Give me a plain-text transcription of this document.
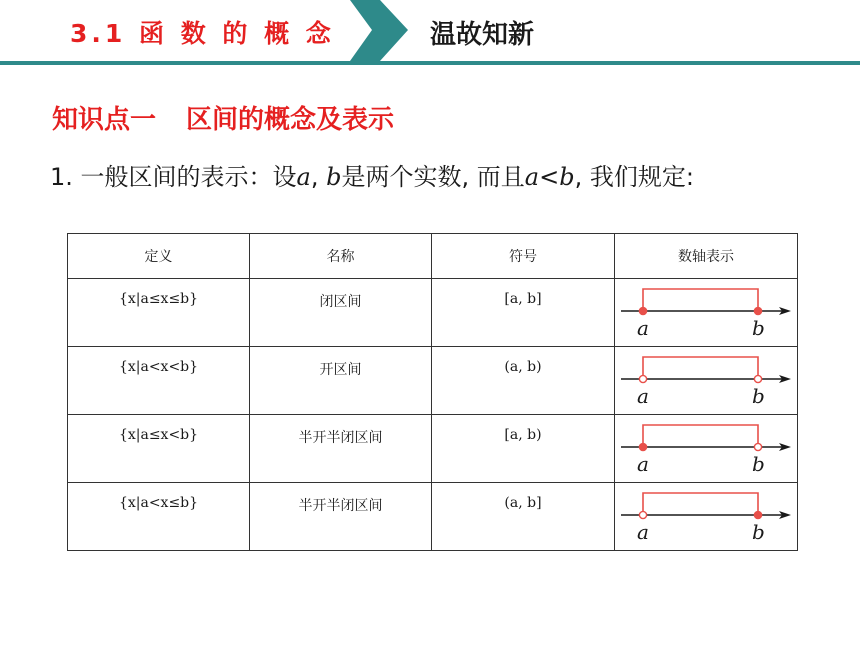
3.1 函 数 的 概 念	温故知新
知识点一 区间的概念及表示
1. 一般区间的表示：设a, b是两个实数, 而且a<b, 我们规定:
定义	名称	符号	数轴表示

{x|a≤x≤b}	闭区间	[a, b]	a b

{x|a<x<b}	开区间	(a, b)	a b

{x|a≤x<b}	半开半闭区间	[a, b)	a b

{x|a<x≤b}	半开半闭区间	(a, b]	a b
